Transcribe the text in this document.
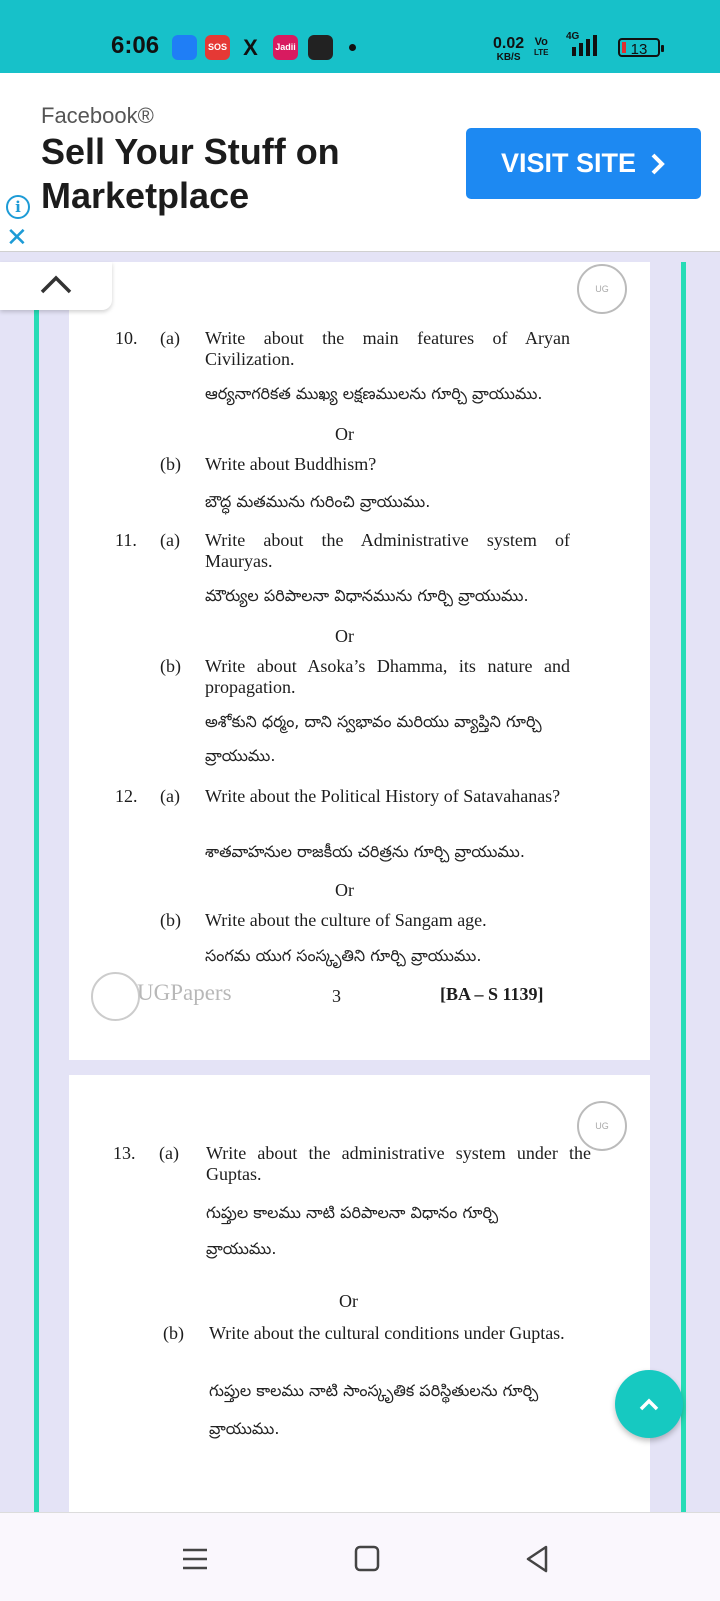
6:06	SOS X	Jadii	0.02
KB/S
Vo
LTE
4G
13
Facebook®
Sell Your Stuff on Marketplace
VISIT SITE
i
✕
UG
10. (a) Write about the main features of Aryan Civilization.
ఆర్యనాగరికత ముఖ్య లక్షణములను గూర్చి వ్రాయుము.
Or
(b) Write about Buddhism?
బౌద్ధ మతమును గురించి వ్రాయుము.
11. (a) Write about the Administrative system of Mauryas.
మౌర్యుల పరిపాలనా విధానమును గూర్చి వ్రాయుము.
Or
(b) Write about Asoka’s Dhamma, its nature and propagation.
అశోకుని ధర్మం, దాని స్వభావం మరియు వ్యాప్తిని గూర్చి
వ్రాయుము.
12. (a) Write about the Political History of Satavahanas?
శాతవాహనుల రాజకీయ చరిత్రను గూర్చి వ్రాయుము.
Or
(b) Write about the culture of Sangam age.
సంగమ యుగ సంస్కృతిని గూర్చి వ్రాయుము.
UGPapers	3	[BA – S 1139]
UG
13. (a) Write about the administrative system under the Guptas.
గుప్తుల కాలము నాటి పరిపాలనా విధానం గూర్చి
వ్రాయుము.
Or
(b) Write about the cultural conditions under Guptas.
గుప్తుల కాలము నాటి సాంస్కృతిక పరిస్థితులను గూర్చి
వ్రాయుము.
